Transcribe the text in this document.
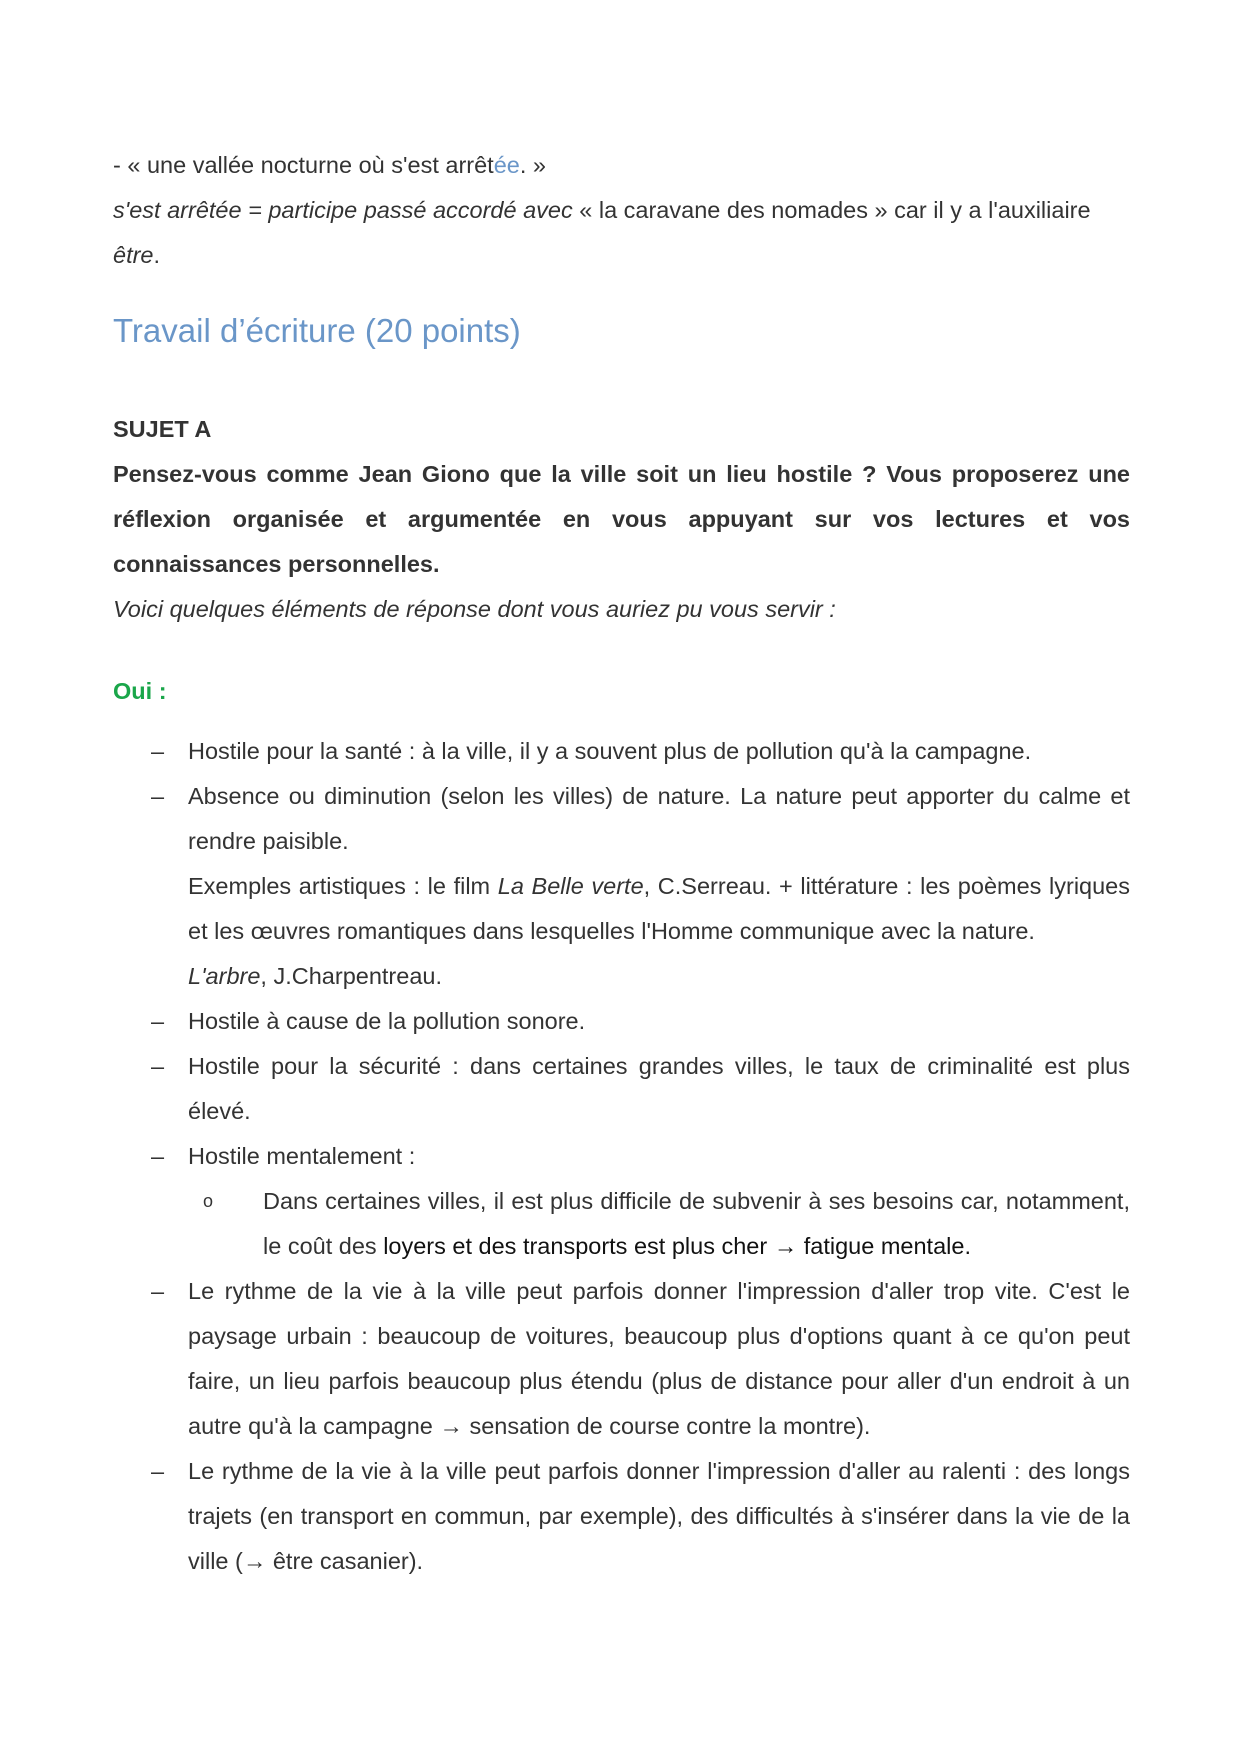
- « une vallée nocturne où s'est arrêtée. »

s'est arrêtée = participe passé accordé avec « la caravane des nomades » car il y a l'auxiliaire être.

Travail d’écriture (20 points)

SUJET A

Pensez-vous comme Jean Giono que la ville soit un lieu hostile ? Vous proposerez une réflexion organisée et argumentée en vous appuyant sur vos lectures et vos connaissances personnelles.

Voici quelques éléments de réponse dont vous auriez pu vous servir :

Oui :

– Hostile pour la santé : à la ville, il y a souvent plus de pollution qu'à la campagne.
– Absence ou diminution (selon les villes) de nature. La nature peut apporter du calme et rendre paisible.

Exemples artistiques : le film La Belle verte, C.Serreau. + littérature : les poèmes lyriques et les œuvres romantiques dans lesquelles l'Homme communique avec la nature.

L'arbre, J.Charpentreau.

– Hostile à cause de la pollution sonore.
– Hostile pour la sécurité : dans certaines grandes villes, le taux de criminalité est plus élevé.
– Hostile mentalement :

o Dans certaines villes, il est plus difficile de subvenir à ses besoins car, notamment, le coût des loyers et des transports est plus cher → fatigue mentale.
– Le rythme de la vie à la ville peut parfois donner l'impression d'aller trop vite. C'est le paysage urbain : beaucoup de voitures, beaucoup plus d'options quant à ce qu'on peut faire, un lieu parfois beaucoup plus étendu (plus de distance pour aller d'un endroit à un autre qu'à la campagne → sensation de course contre la montre).
– Le rythme de la vie à la ville peut parfois donner l'impression d'aller au ralenti : des longs trajets (en transport en commun, par exemple), des difficultés à s'insérer dans la vie de la ville (→ être casanier).
